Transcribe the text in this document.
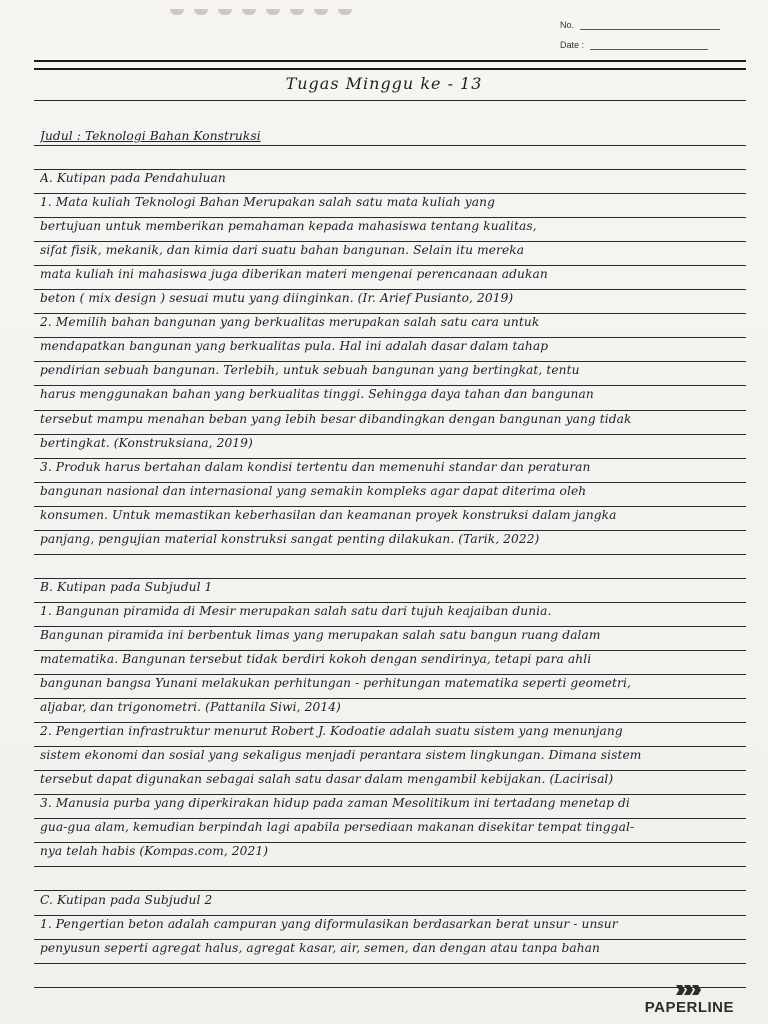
No.
Date :
Tugas Minggu ke - 13
Judul : Teknologi Bahan Konstruksi
A. Kutipan pada Pendahuluan
1. Mata kuliah Teknologi Bahan Merupakan salah satu mata kuliah yang
bertujuan untuk memberikan pemahaman kepada mahasiswa tentang kualitas,
sifat fisik, mekanik, dan kimia dari suatu bahan bangunan. Selain itu mereka
mata kuliah ini mahasiswa juga diberikan materi mengenai perencanaan adukan
beton ( mix design ) sesuai mutu yang diinginkan. (Ir. Arief Pusianto, 2019)
2. Memilih bahan bangunan yang berkualitas merupakan salah satu cara untuk
mendapatkan bangunan yang berkualitas pula. Hal ini adalah dasar dalam tahap
pendirian sebuah bangunan. Terlebih, untuk sebuah bangunan yang bertingkat, tentu
harus menggunakan bahan yang berkualitas tinggi. Sehingga daya tahan dan bangunan
tersebut mampu menahan beban yang lebih besar dibandingkan dengan bangunan yang tidak
bertingkat. (Konstruksiana, 2019)
3. Produk harus bertahan dalam kondisi tertentu dan memenuhi standar dan peraturan
bangunan nasional dan internasional yang semakin kompleks agar dapat diterima oleh
konsumen. Untuk memastikan keberhasilan dan keamanan proyek konstruksi dalam jangka
panjang, pengujian material konstruksi sangat penting dilakukan. (Tarik, 2022)
B. Kutipan pada Subjudul 1
1. Bangunan piramida di Mesir merupakan salah satu dari tujuh keajaiban dunia.
Bangunan piramida ini berbentuk limas yang merupakan salah satu bangun ruang dalam
matematika. Bangunan tersebut tidak berdiri kokoh dengan sendirinya, tetapi para ahli
bangunan bangsa Yunani melakukan perhitungan - perhitungan matematika seperti geometri,
aljabar, dan trigonometri. (Pattanila Siwi, 2014)
2. Pengertian infrastruktur menurut Robert J. Kodoatie adalah suatu sistem yang menunjang
sistem ekonomi dan sosial yang sekaligus menjadi perantara sistem lingkungan. Dimana sistem
tersebut dapat digunakan sebagai salah satu dasar dalam mengambil kebijakan. (Lacirisal)
3. Manusia purba yang diperkirakan hidup pada zaman Mesolitikum ini tertadang menetap di
gua-gua alam, kemudian berpindah lagi apabila persediaan makanan disekitar tempat tinggal-
nya telah habis (Kompas.com, 2021)
C. Kutipan pada Subjudul 2
1. Pengertian beton adalah campuran yang diformulasikan berdasarkan berat unsur - unsur
penyusun seperti agregat halus, agregat kasar, air, semen, dan dengan atau tanpa bahan
PAPERLINE
